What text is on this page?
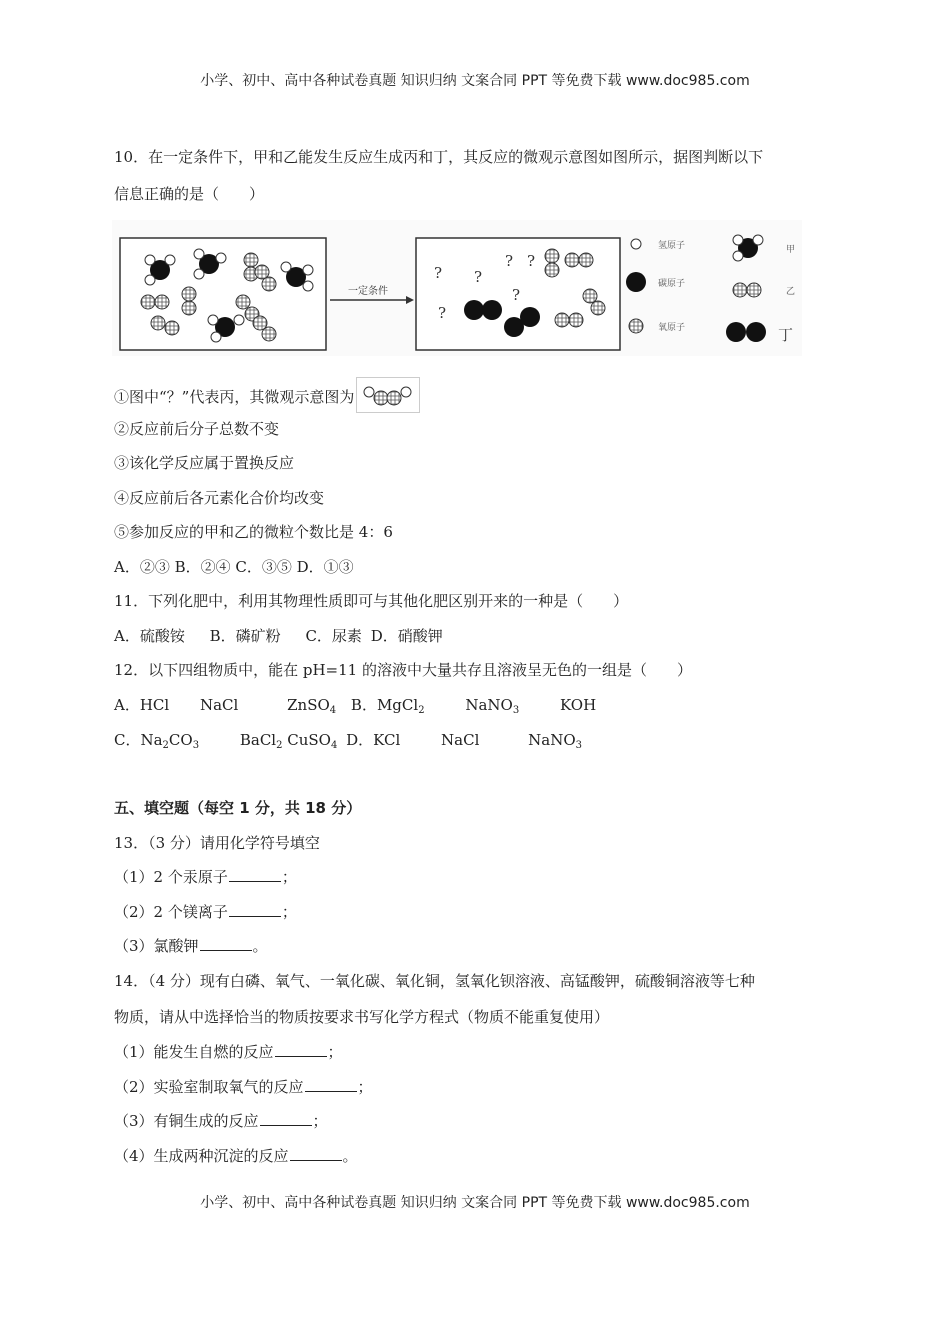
小学、初中、高中各种试卷真题 知识归纳 文案合同 PPT 等免费下载 www.doc985.com
10．在一定条件下，甲和乙能发生反应生成丙和丁，其反应的微观示意图如图所示，据图判断以下
信息正确的是（　　）
一定条件
? ?
? ?
?
?
氢原子
碳原子
氧原子
甲
乙
丁
①图中“？”代表丙，其微观示意图为
②反应前后分子总数不变
③该化学反应属于置换反应
④反应前后各元素化合价均改变
⑤参加反应的甲和乙的微粒个数比是 4：6
A．②③ B．②④ C．③⑤ D．①③
11．下列化肥中，利用其物理性质即可与其他化肥区别开来的一种是（　　）
A．硫酸铵 B．磷矿粉 C．尿素 D．硝酸钾
12．以下四组物质中，能在 pH=11 的溶液中大量共存且溶液呈无色的一组是（　　）
A．HCl NaCl	ZnSO$_4$ B．MgCl$_2$	NaNO$_3$	KOH
C．$Na_2CO_3$	BaCl$_2$ CuSO$_4$ D．KCl	NaCl	NaNO$_3$
五、填空题（每空 1 分，共 18 分）
13．（3 分）请用化学符号填空
（1）2 个汞原子	；
（2）2 个镁离子	；
（3）氯酸钾	。
14．（4 分）现有白磷、氧气、一氧化碳、氧化铜，氢氧化钡溶液、高锰酸钾，硫酸铜溶液等七种
物质，请从中选择恰当的物质按要求书写化学方程式（物质不能重复使用）
（1）能发生自燃的反应	；
（2）实验室制取氧气的反应	；
（3）有铜生成的反应	；
（4）生成两种沉淀的反应	。
小学、初中、高中各种试卷真题 知识归纳 文案合同 PPT 等免费下载 www.doc985.com
